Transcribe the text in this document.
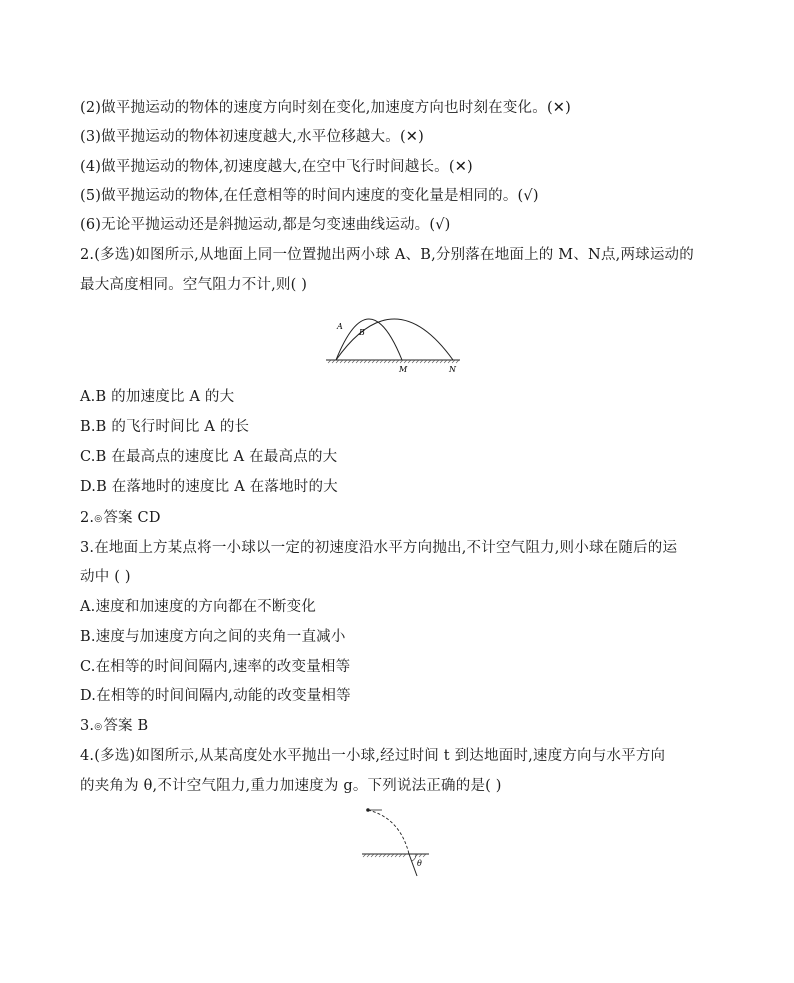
(2)做平抛运动的物体的速度方向时刻在变化,加速度方向也时刻在变化。(✕)
(3)做平抛运动的物体初速度越大,水平位移越大。(✕)
(4)做平抛运动的物体,初速度越大,在空中飞行时间越长。(✕)
(5)做平抛运动的物体,在任意相等的时间内速度的变化量是相同的。(√)
(6)无论平抛运动还是斜抛运动,都是匀变速曲线运动。(√)
2.(多选)如图所示,从地面上同一位置抛出两小球 A、B,分别落在地面上的 M、N点,两球运动的
最大高度相同。空气阻力不计,则( )
A
B
M	N
A.B 的加速度比 A 的大
B.B 的飞行时间比 A 的长
C.B 在最高点的速度比 A 在最高点的大
D.B 在落地时的速度比 A 在落地时的大
2.◎答案 CD
3.在地面上方某点将一小球以一定的初速度沿水平方向抛出,不计空气阻力,则小球在随后的运
动中 ( )
A.速度和加速度的方向都在不断变化
B.速度与加速度方向之间的夹角一直减小
C.在相等的时间间隔内,速率的改变量相等
D.在相等的时间间隔内,动能的改变量相等
3.◎答案 B
4.(多选)如图所示,从某高度处水平抛出一小球,经过时间 t 到达地面时,速度方向与水平方向
的夹角为 θ,不计空气阻力,重力加速度为 g。下列说法正确的是( )
θ
